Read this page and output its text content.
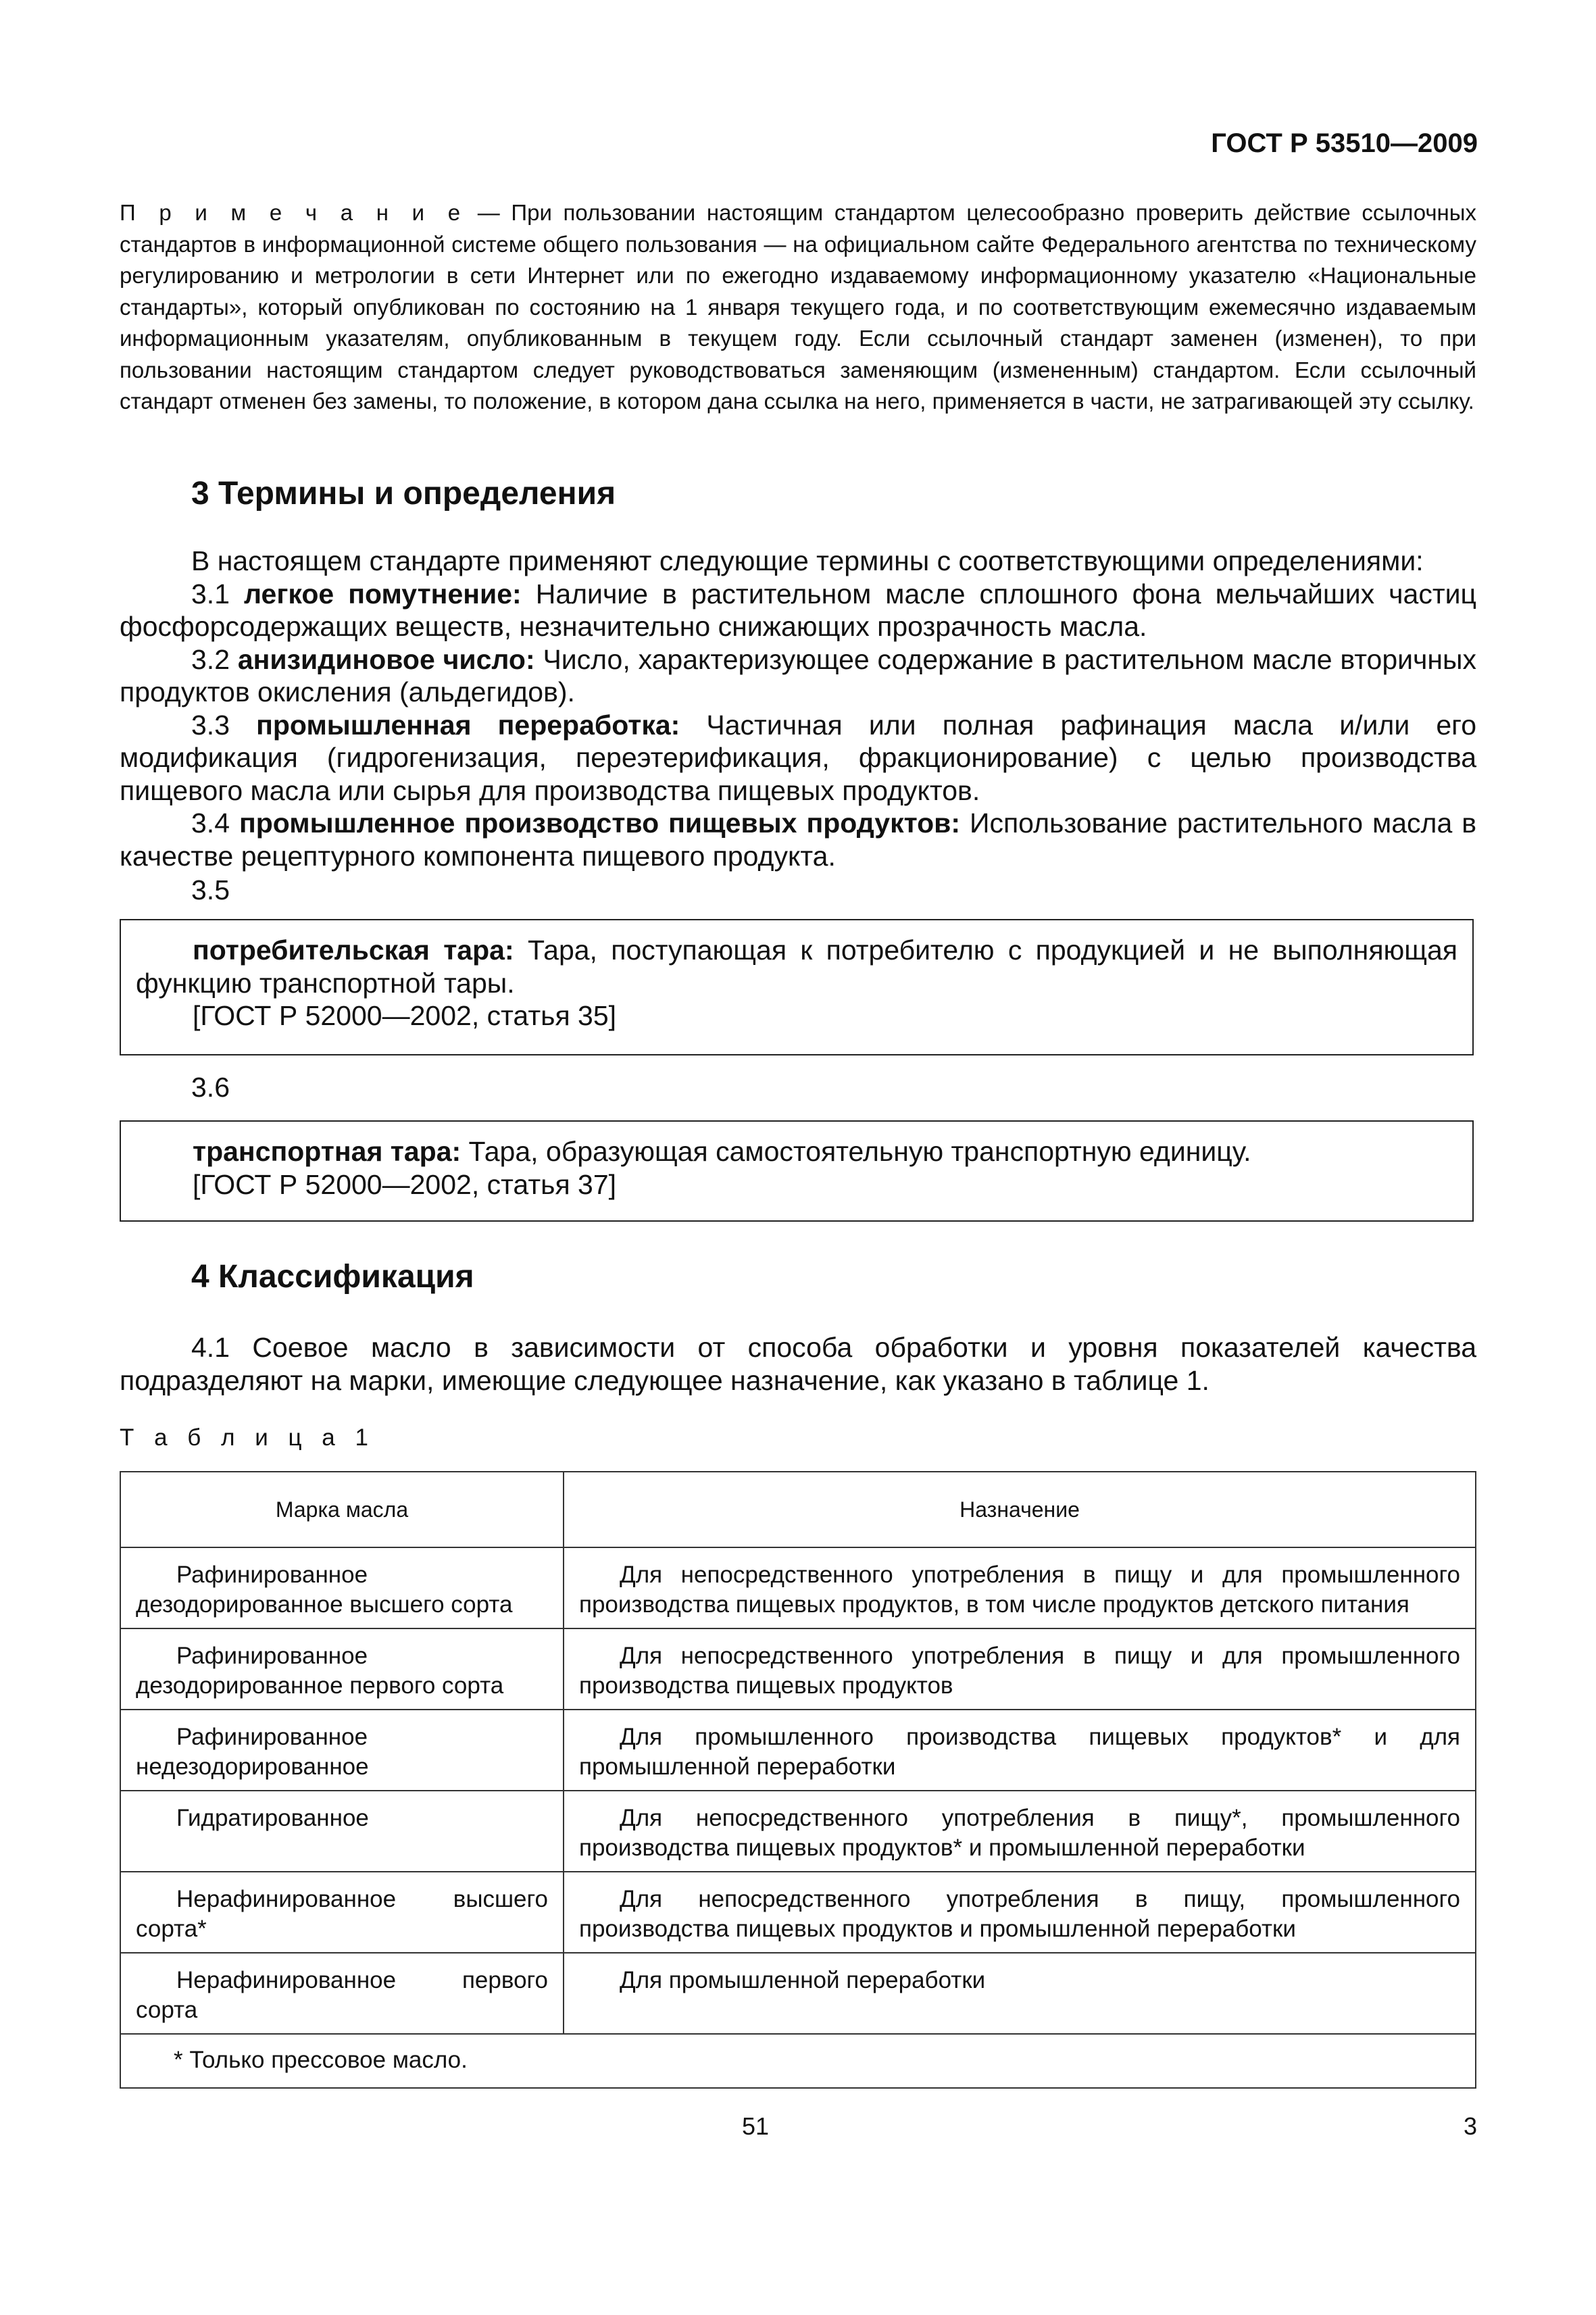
ГОСТ Р 53510—2009
П р и м е ч а н и е — При пользовании настоящим стандартом целесообразно проверить действие ссылочных стандартов в информационной системе общего пользования — на официальном сайте Федерального агентства по техническому регулированию и метрологии в сети Интернет или по ежегодно издаваемому информационному указателю «Национальные стандарты», который опубликован по состоянию на 1 января текущего года, и по соответствующим ежемесячно издаваемым информационным указателям, опубликованным в текущем году. Если ссылочный стандарт заменен (изменен), то при пользовании настоящим стандартом следует руководствоваться заменяющим (измененным) стандартом. Если ссылочный стандарт отменен без замены, то положение, в котором дана ссылка на него, применяется в части, не затрагивающей эту ссылку.
3 Термины и определения

В настоящем стандарте применяют следующие термины с соответствующими определениями:

3.1 легкое помутнение: Наличие в растительном масле сплошного фона мельчайших частиц фосфорсодержащих веществ, незначительно снижающих прозрачность масла.

3.2 анизидиновое число: Число, характеризующее содержание в растительном масле вторичных продуктов окисления (альдегидов).

3.3 промышленная переработка: Частичная или полная рафинация масла и/или его модификация (гидрогенизация, переэтерификация, фракционирование) с целью производства пищевого масла или сырья для производства пищевых продуктов.

3.4 промышленное производство пищевых продуктов: Использование растительного масла в качестве рецептурного компонента пищевого продукта.

3.5

потребительская тара: Тара, поступающая к потребителю с продукцией и не выполняющая функцию транспортной тары.

[ГОСТ Р 52000—2002, статья 35]

3.6

транспортная тара: Тара, образующая самостоятельную транспортную единицу.

[ГОСТ Р 52000—2002, статья 37]

4 Классификация

4.1 Соевое масло в зависимости от способа обработки и уровня показателей качества подразделяют на марки, имеющие следующее назначение, как указано в таблице 1.

Т а б л и ц а 1
Марка масла	Назначение
Рафинированное дезодорированное высшего сорта	Для непосредственного употребления в пищу и для промышленного производства пищевых продуктов, в том числе продуктов детского питания
Рафинированное дезодорированное первого сорта	Для непосредственного употребления в пищу и для промышленного производства пищевых продуктов
Рафинированное недезодорированное	Для промышленного производства пищевых продуктов* и для промышленной переработки
Гидратированное	Для непосредственного употребления в пищу*, промышленного производства пищевых продуктов* и промышленной переработки
Нерафинированное высшего сорта*	Для непосредственного употребления в пищу, промышленного производства пищевых продуктов и промышленной переработки
Нерафинированное первого сорта	Для промышленной переработки
* Только прессовое масло.	
51	3
